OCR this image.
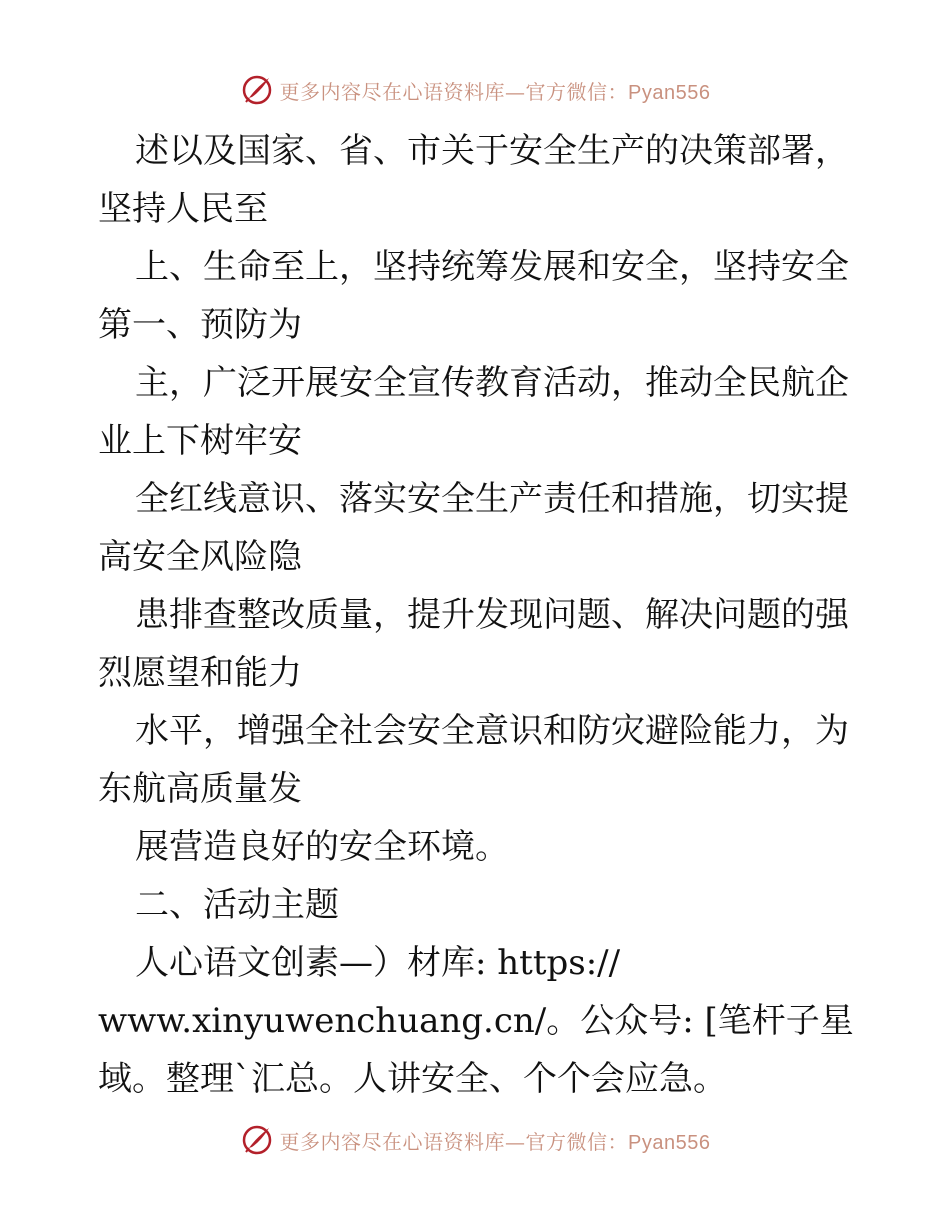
更多内容尽在心语资料库—官方微信：Pyan556
述以及国家、省、市关于安全生产的决策部署，
坚持人民至
上、生命至上，坚持统筹发展和安全，坚持安全
第一、预防为
主，广泛开展安全宣传教育活动，推动全民航企
业上下树牢安
全红线意识、落实安全生产责任和措施，切实提
高安全风险隐
患排查整改质量，提升发现问题、解决问题的强
烈愿望和能力
水平，增强全社会安全意识和防灾避险能力，为
东航高质量发
展营造良好的安全环境。
二、活动主题
人心语文创素—）材库: https://
www.xinyuwenchuang.cn/。公众号: [笔杆子星
域。整理`汇总。人讲安全、个个会应急。
更多内容尽在心语资料库—官方微信：Pyan556
